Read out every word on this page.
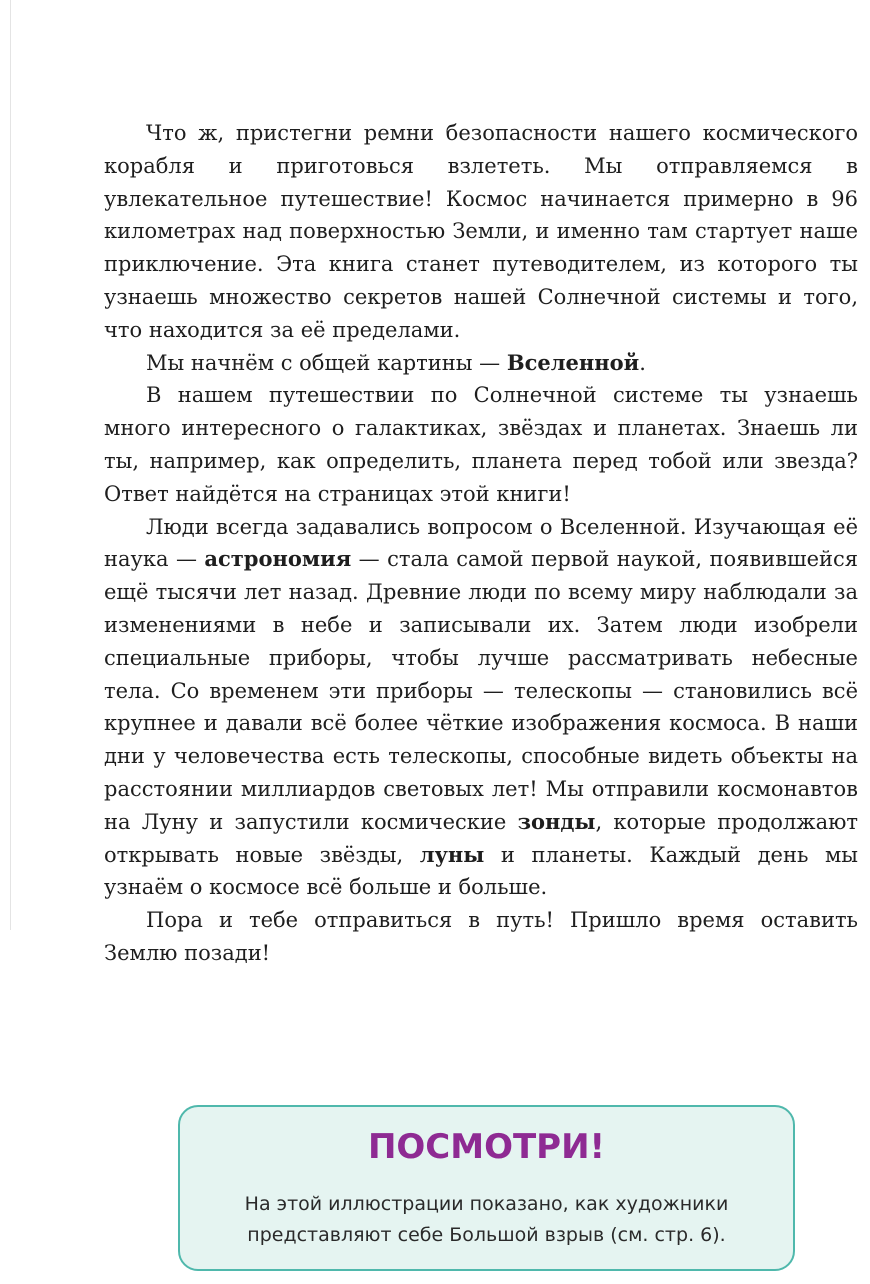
Что ж, пристегни ремни безопасности нашего космического корабля и приготовься взлететь. Мы отправляемся в увлекательное путешествие! Космос начинается примерно в 96 километрах над поверхностью Земли, и именно там стартует наше приключение. Эта книга станет путеводителем, из которого ты узнаешь множество секретов нашей Солнечной системы и того, что находится за её пределами.

Мы начнём с общей картины — Вселенной.

В нашем путешествии по Солнечной системе ты узнаешь много интересного о галактиках, звёздах и планетах. Знаешь ли ты, например, как определить, планета перед тобой или звезда? Ответ найдётся на страницах этой книги!

Люди всегда задавались вопросом о Вселенной. Изучающая её наука — астрономия — стала самой первой наукой, появившейся ещё тысячи лет назад. Древние люди по всему миру наблюдали за изменениями в небе и записывали их. Затем люди изобрели специальные приборы, чтобы лучше рассматривать небесные тела. Со временем эти приборы — телескопы — становились всё крупнее и давали всё более чёткие изображения космоса. В наши дни у человечества есть телескопы, способные видеть объекты на расстоянии миллиардов световых лет! Мы отправили космонавтов на Луну и запустили космические зонды, которые продолжают открывать новые звёзды, луны и планеты. Каждый день мы узнаём о космосе всё больше и больше.

Пора и тебе отправиться в путь! Пришло время оставить Землю позади!

ПОСМОТРИ!
На этой иллюстрации показано, как художники представляют себе Большой взрыв (см. стр. 6).
